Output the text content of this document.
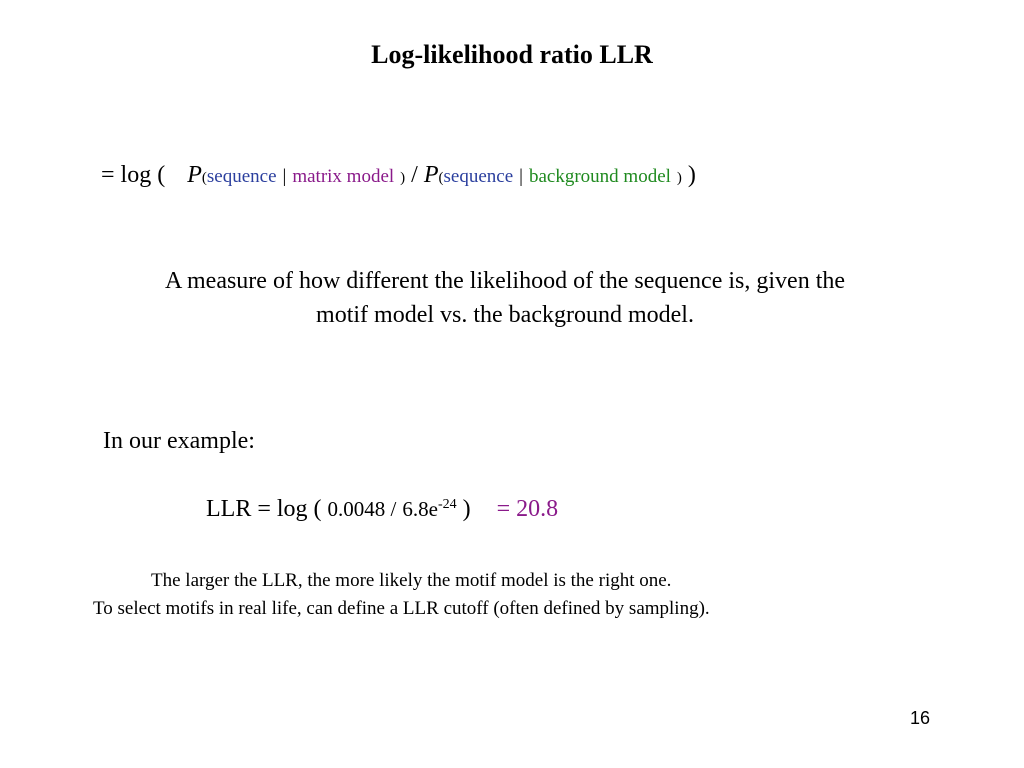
Log-likelihood ratio LLR
= log ( P(sequence | matrix model ) / P(sequence | background model ) )
A measure of how different the likelihood of the sequence is, given the
motif model vs. the background model.
In our example:
LLR = log ( $0.0048 / 6.8e^{-24}$ ) = 20.8
The larger the LLR, the more likely the motif model is the right one.
To select motifs in real life, can define a LLR cutoff (often defined by sampling).
16
